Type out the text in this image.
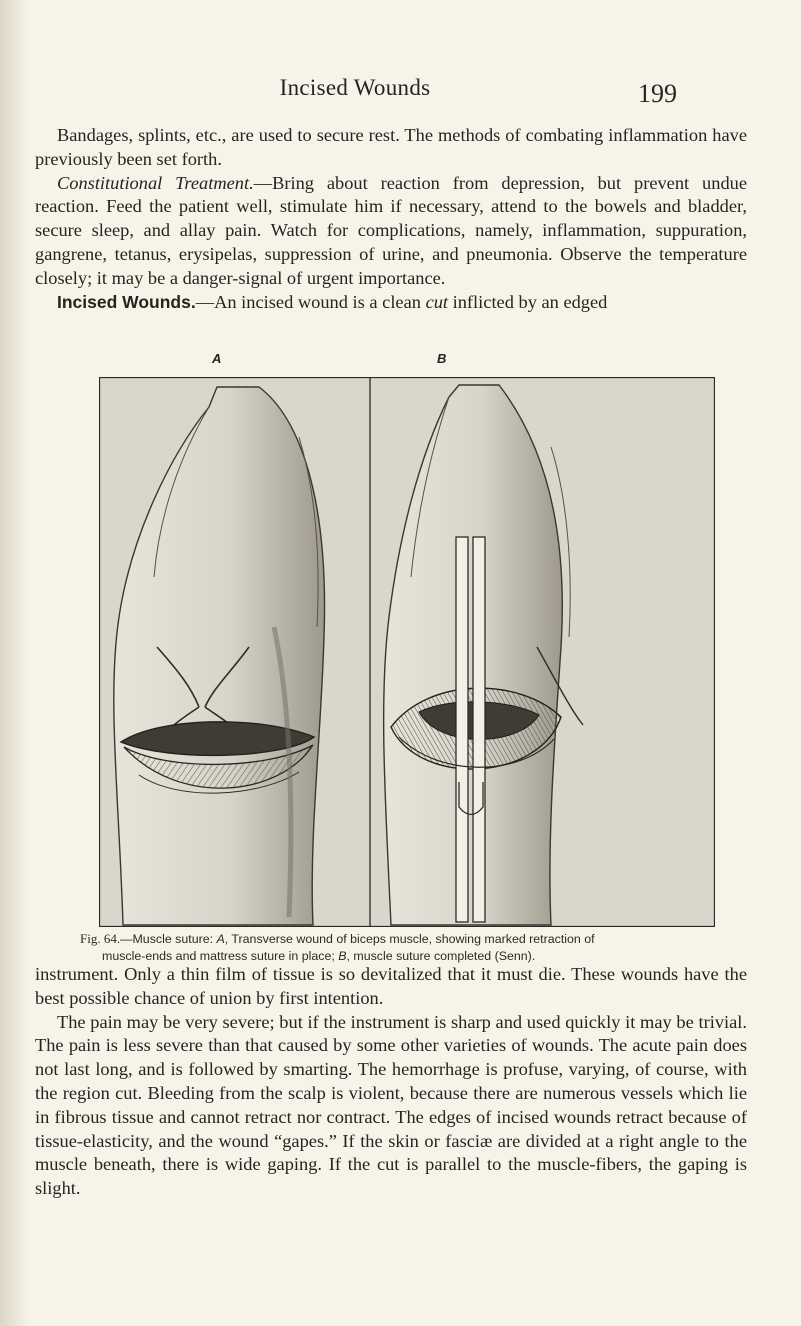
Incised Wounds	199

Bandages, splints, etc., are used to secure rest. The methods of combating inflammation have previously been set forth.

Constitutional Treatment.—Bring about reaction from depression, but prevent undue reaction. Feed the patient well, stimulate him if necessary, attend to the bowels and bladder, secure sleep, and allay pain. Watch for complications, namely, inflammation, suppuration, gangrene, tetanus, erysipelas, suppression of urine, and pneumonia. Observe the temperature closely; it may be a danger-signal of urgent importance.

Incised Wounds.—An incised wound is a clean cut inflicted by an edged

A	B
Fig. 64.—Muscle suture: A, Transverse wound of biceps muscle, showing marked retraction of
muscle-ends and mattress suture in place; B, muscle suture completed (Senn).

instrument. Only a thin film of tissue is so devitalized that it must die. These wounds have the best possible chance of union by first intention.

The pain may be very severe; but if the instrument is sharp and used quickly it may be trivial. The pain is less severe than that caused by some other varieties of wounds. The acute pain does not last long, and is followed by smarting. The hemorrhage is profuse, varying, of course, with the region cut. Bleeding from the scalp is violent, because there are numerous vessels which lie in fibrous tissue and cannot retract nor contract. The edges of incised wounds retract because of tissue-elasticity, and the wound “gapes.” If the skin or fasciæ are divided at a right angle to the muscle beneath, there is wide gaping. If the cut is parallel to the muscle-fibers, the gaping is slight.
